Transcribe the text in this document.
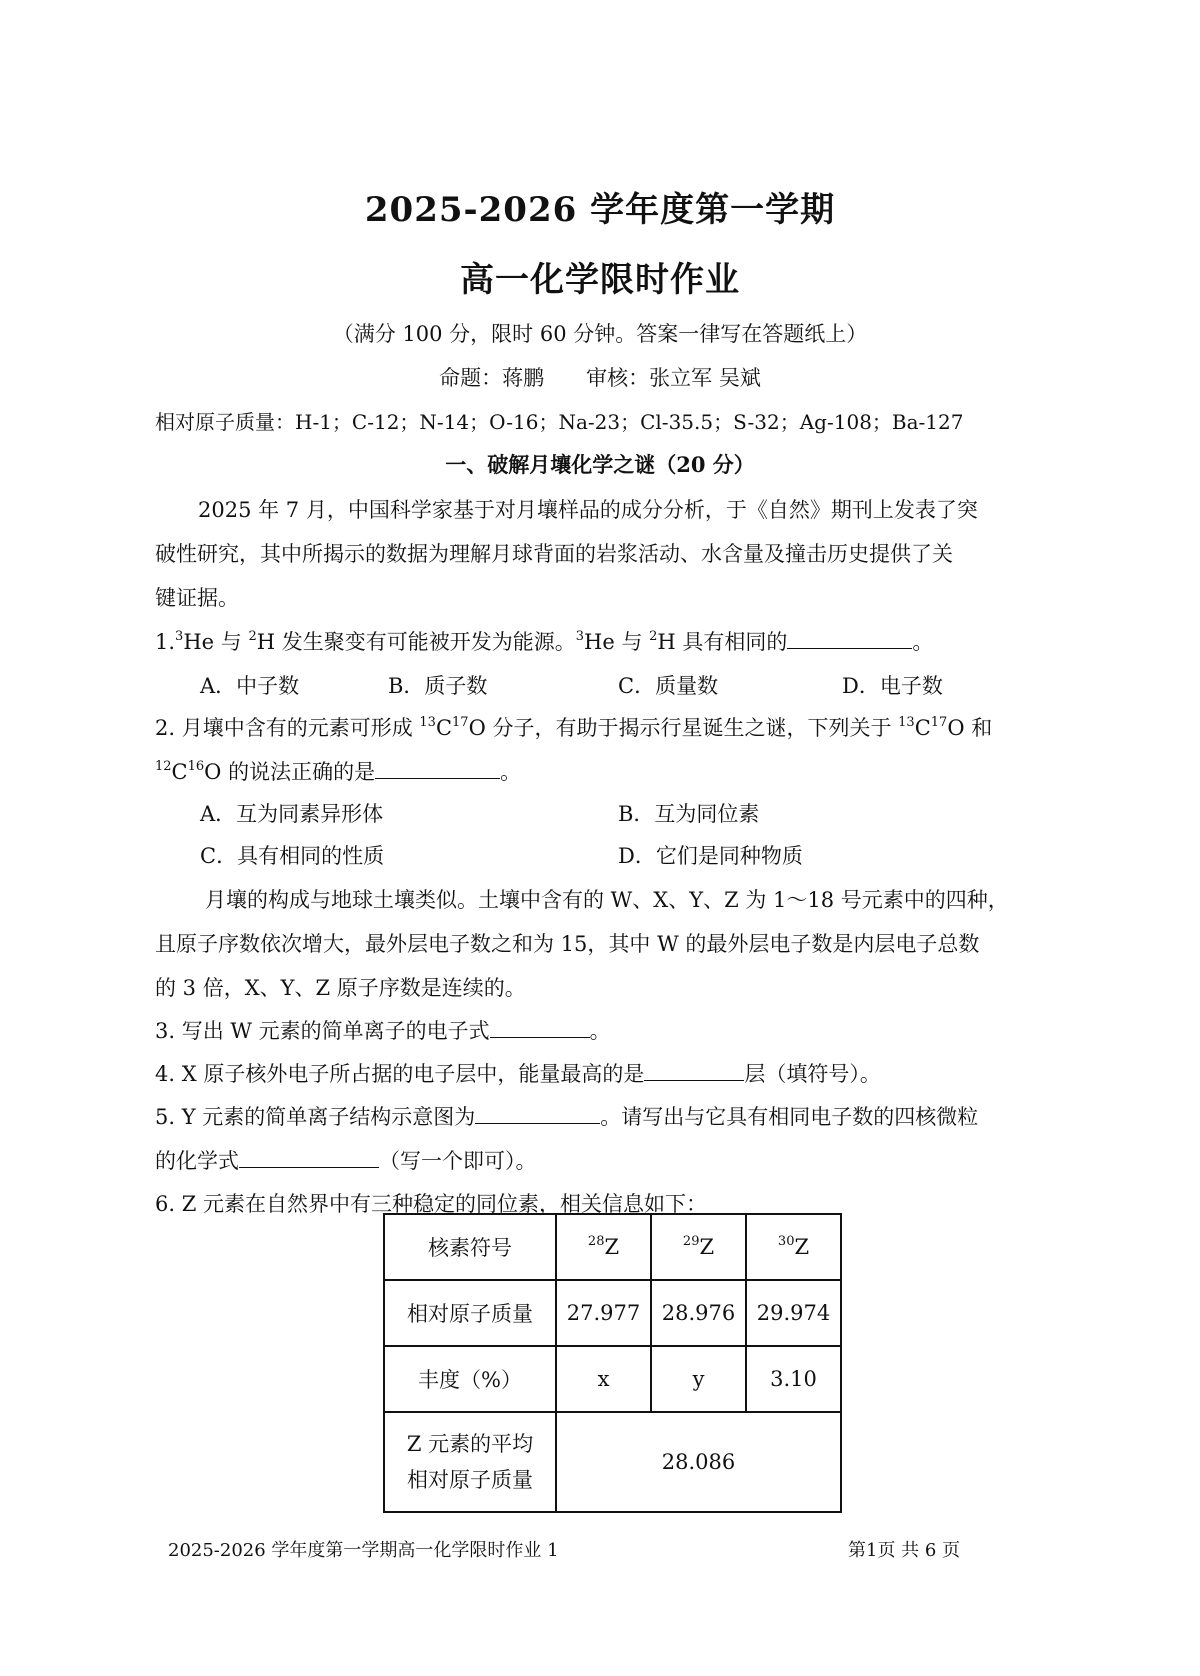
2025-2026 学年度第一学期
高一化学限时作业
（满分 100 分，限时 60 分钟。答案一律写在答题纸上）
命题：蒋鹏　　审核：张立军 吴斌
相对原子质量：H-1；C-12；N-14；O-16；Na-23；Cl-35.5；S-32；Ag-108；Ba-127
一、破解月壤化学之谜（20 分）
2025 年 7 月，中国科学家基于对月壤样品的成分分析，于《自然》期刊上发表了突
破性研究，其中所揭示的数据为理解月球背面的岩浆活动、水含量及撞击历史提供了关
键证据。
1.$^3$He 与 $^2$H 发生聚变有可能被开发为能源。$^3$He 与 $^2$H 具有相同的	。
A．中子数	B．质子数	C．质量数	D．电子数
2. 月壤中含有的元素可形成 $^{13}C^{17}O$ 分子，有助于揭示行星诞生之谜，下列关于 $^{13}C^{17}O$ 和
$^{12}C^{16}O$ 的说法正确的是	。
A．互为同素异形体	B．互为同位素
C．具有相同的性质	D．它们是同种物质
月壤的构成与地球土壤类似。土壤中含有的 W、X、Y、Z 为 1～18 号元素中的四种，
且原子序数依次增大，最外层电子数之和为 15，其中 W 的最外层电子数是内层电子总数
的 3 倍，X、Y、Z 原子序数是连续的。
3. 写出 W 元素的简单离子的电子式	。
4. X 原子核外电子所占据的电子层中，能量最高的是	层（填符号）。
5. Y 元素的简单离子结构示意图为	。请写出与它具有相同电子数的四核微粒
的化学式	（写一个即可）。
6. Z 元素在自然界中有三种稳定的同位素，相关信息如下：
核素符号	$^{28}$Z	$^{29}$Z	$^{30}$Z
相对原子质量	27.977	28.976	29.974
丰度（%）	x	y	3.10

Z 元素的平均
相对原子质量	28.086		
2025-2026 学年度第一学期高一化学限时作业 1	第1页 共 6 页
